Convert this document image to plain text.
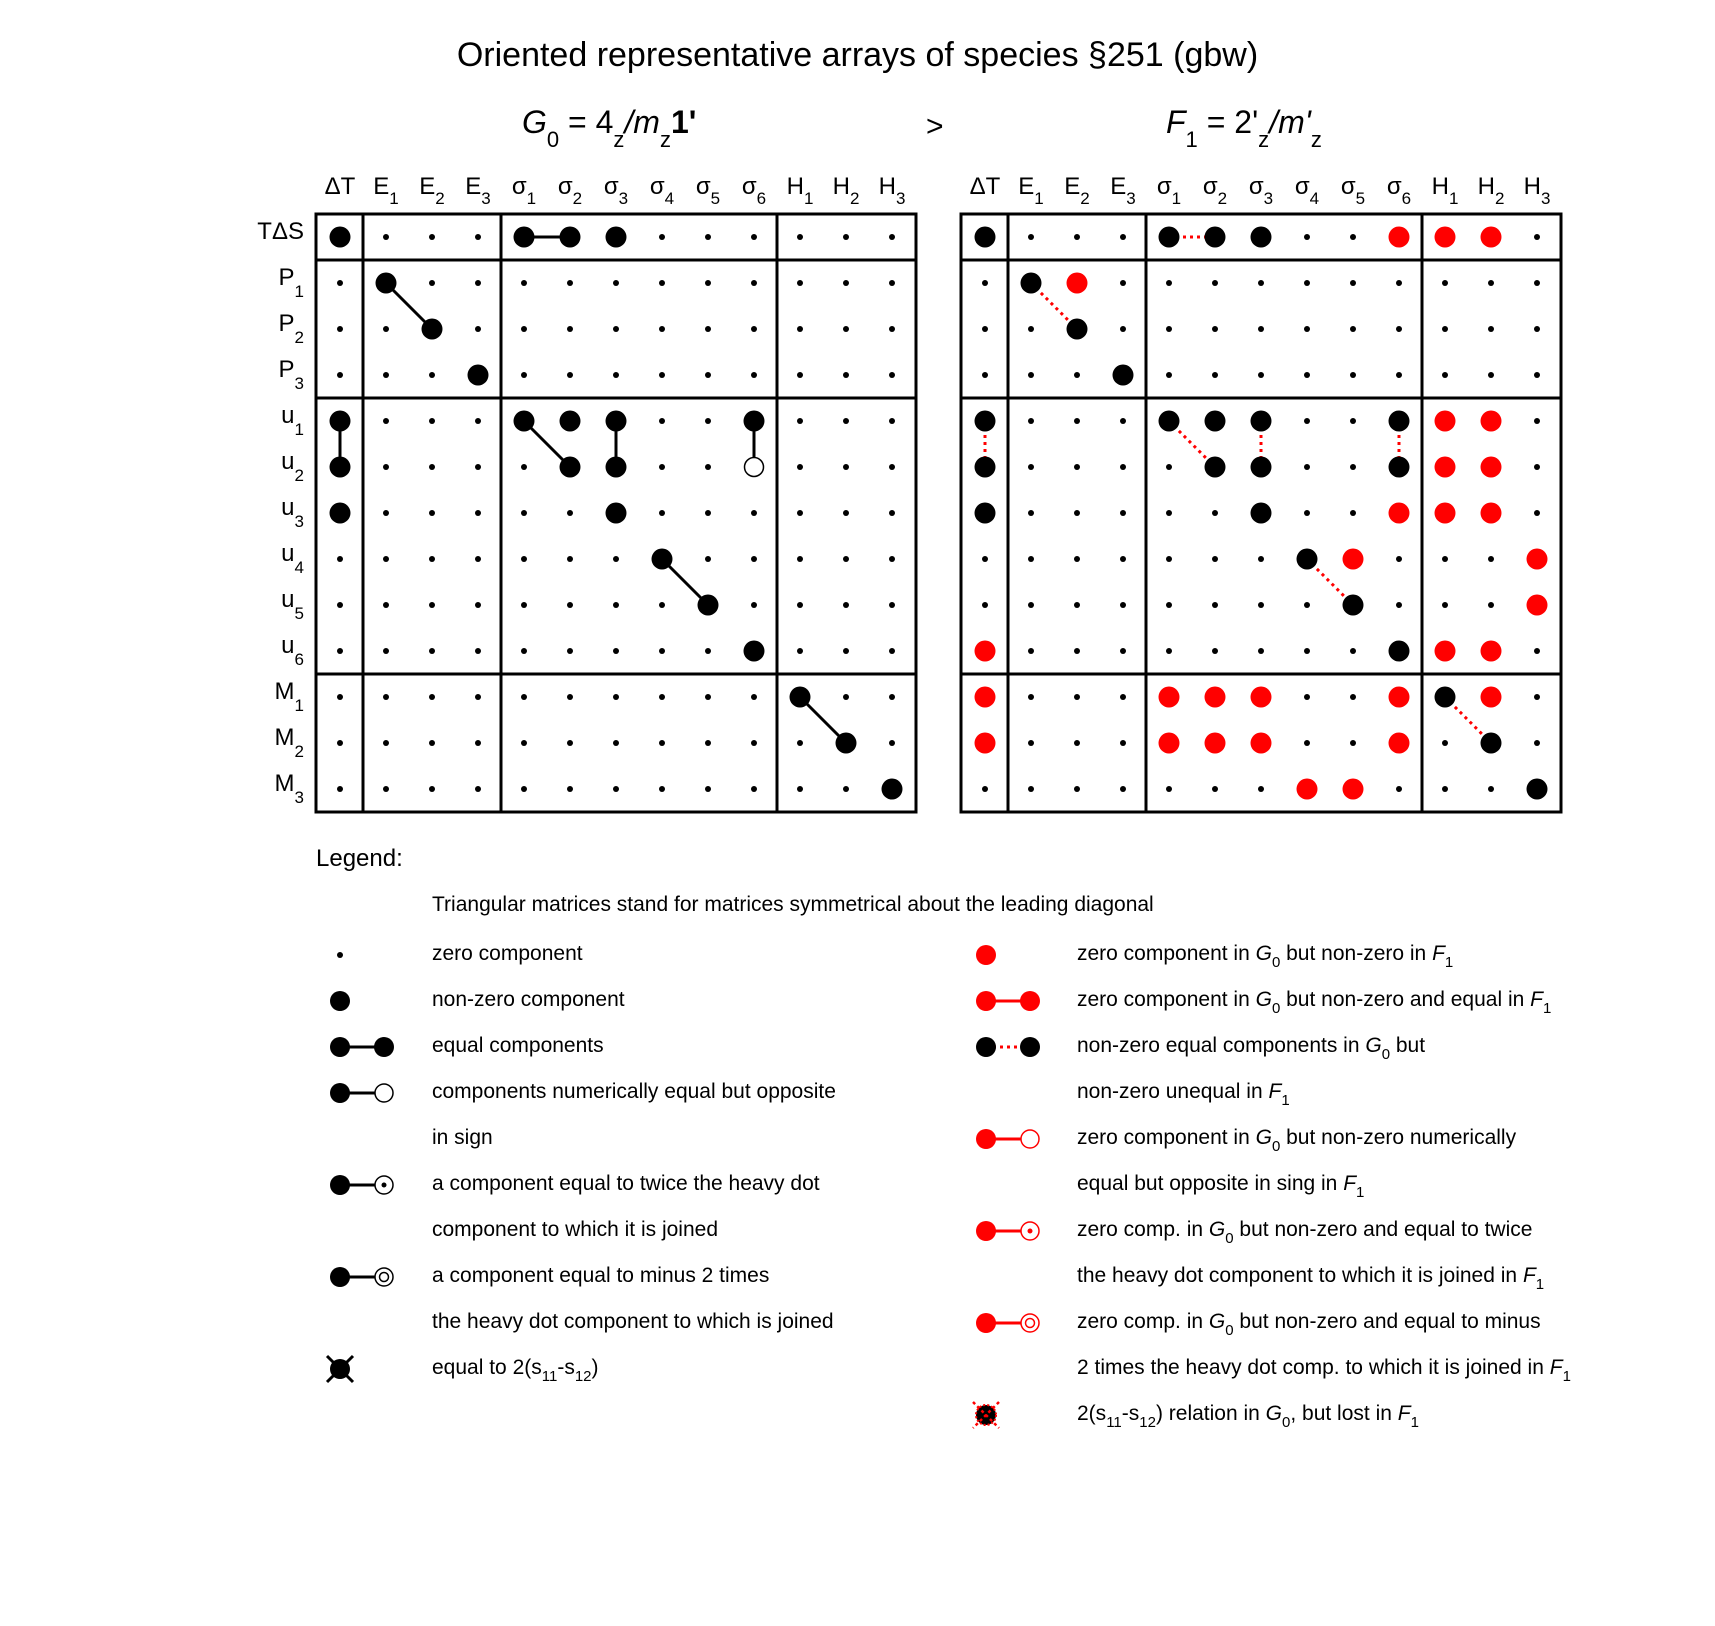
Oriented representative arrays of species §251 (gbw)
$G_0 = 4_z/m_z1'$	>	$F_1 = 2'_z/m'_z$
ΔT $E_1$ $E_2$ $E_3$ $\sigma_1$ $\sigma_2$ $\sigma_3$ $\sigma_4$ $\sigma_5$ $\sigma_6$ $H_1$ $H_2$ $H_3$
TΔS
$P_1$
$P_2$
$P_3$
$u_1$
$u_2$
$u_3$
$u_4$
$u_5$
$u_6$
$M_1$
$M_2$
$M_3$
ΔT $E_1$ $E_2$ $E_3$ $\sigma_1$ $\sigma_2$ $\sigma_3$ $\sigma_4$ $\sigma_5$ $\sigma_6$ $H_1$ $H_2$ $H_3$
Legend:
Triangular matrices stand for matrices symmetrical about the leading diagonal
zero component
non-zero component
equal components
components numerically equal but opposite
in sign
a component equal to twice the heavy dot
component to which it is joined
a component equal to minus 2 times
the heavy dot component to which is joined
equal to $2(s_{11}-s_{12})$
zero component in $G_0$ but non-zero in $F_1$
zero component in $G_0$ but non-zero and equal in $F_1$
non-zero equal components in $G_0$ but
non-zero unequal in $F_1$
zero component in $G_0$ but non-zero numerically
equal but opposite in sing in $F_1$
zero comp. in $G_0$ but non-zero and equal to twice
the heavy dot component to which it is joined in $F_1$
zero comp. in $G_0$ but non-zero and equal to minus
2 times the heavy dot comp. to which it is joined in $F_1$
$2(s_{11}-s_{12})$ relation in $G_0$, but lost in $F_1$
